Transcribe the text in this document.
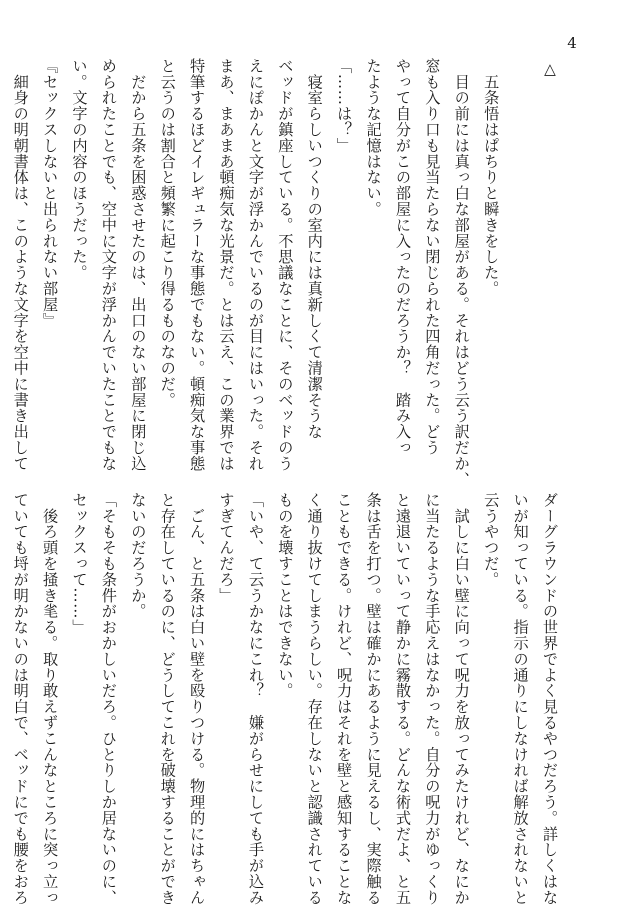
4
△

　五条悟はぱちりと瞬きをした。
　目の前には真っ白な部屋がある。それはどう云う訳だか、
窓も入り口も見当たらない閉じられた四角だった。どう
やって自分がこの部屋に入ったのだろうか？　踏み入っ
たような記憶はない。
「……は？」
　寝室らしいつくりの室内には真新しくて清潔そうな
ベッドが鎮座している。不思議なことに、そのベッドのう
えにぽかんと文字が浮かんでいるのが目にはいった。それ
まあ、まあまあ頓痴気な光景だ。とは云え、この業界では
特筆するほどイレギュラーな事態でもない。頓痴気な事態
と云うのは割合と頻繁に起こり得るものなのだ。
　だから五条を困惑させたのは、出口のない部屋に閉じ込
められたことでも、空中に文字が浮かんでいたことでもな
い。文字の内容のほうだった。
『セックスしないと出られない部屋』
　細身の明朝書体は、このような文字を空中に書き出して
ダーグラウンドの世界でよく見るやつだろう。詳しくはな
いが知っている。指示の通りにしなければ解放されないと
云うやつだ。
　試しに白い壁に向って呪力を放ってみたけれど、なにか
に当たるような手応えはなかった。自分の呪力がゆっくり
と遠退いていって静かに霧散する。どんな術式だよ、と五
条は舌を打つ。壁は確かにあるように見えるし、実際触る
こともできる。けれど、呪力はそれを壁と感知することな
く通り抜けてしまうらしい。存在しないと認識されている
ものを壊すことはできない。
「いや、て云うかなにこれ？　嫌がらせにしても手が込み
すぎてんだろ」
　ごん、と五条は白い壁を殴りつける。物理的にはちゃん
と存在しているのに、どうしてこれを破壊することができ
ないのだろうか。
「そもそも条件がおかしいだろ。ひとりしか居ないのに、
セックスって……」
　後ろ頭を掻き毟る。取り敢えずこんなところに突っ立っ
ていても埒が明かないのは明白で、ベッドにでも腰をおろ
